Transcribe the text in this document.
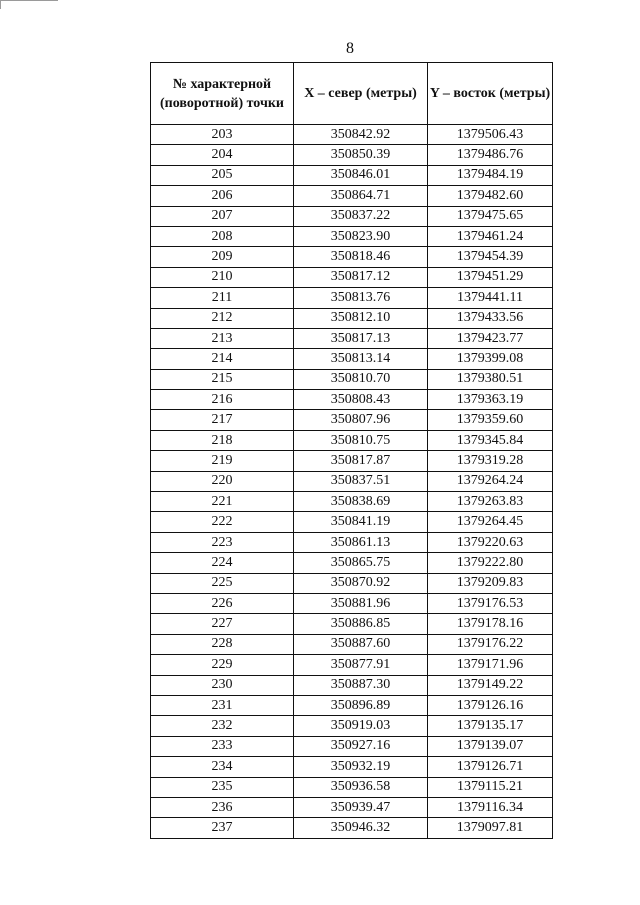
8
№ характерной (поворотной) точки	X – север (метры)	Y – восток (метры)
203	350842.92	1379506.43
204	350850.39	1379486.76
205	350846.01	1379484.19
206	350864.71	1379482.60
207	350837.22	1379475.65
208	350823.90	1379461.24
209	350818.46	1379454.39
210	350817.12	1379451.29
211	350813.76	1379441.11
212	350812.10	1379433.56
213	350817.13	1379423.77
214	350813.14	1379399.08
215	350810.70	1379380.51
216	350808.43	1379363.19
217	350807.96	1379359.60
218	350810.75	1379345.84
219	350817.87	1379319.28
220	350837.51	1379264.24
221	350838.69	1379263.83
222	350841.19	1379264.45
223	350861.13	1379220.63
224	350865.75	1379222.80
225	350870.92	1379209.83
226	350881.96	1379176.53
227	350886.85	1379178.16
228	350887.60	1379176.22
229	350877.91	1379171.96
230	350887.30	1379149.22
231	350896.89	1379126.16
232	350919.03	1379135.17
233	350927.16	1379139.07
234	350932.19	1379126.71
235	350936.58	1379115.21
236	350939.47	1379116.34
237	350946.32	1379097.81
